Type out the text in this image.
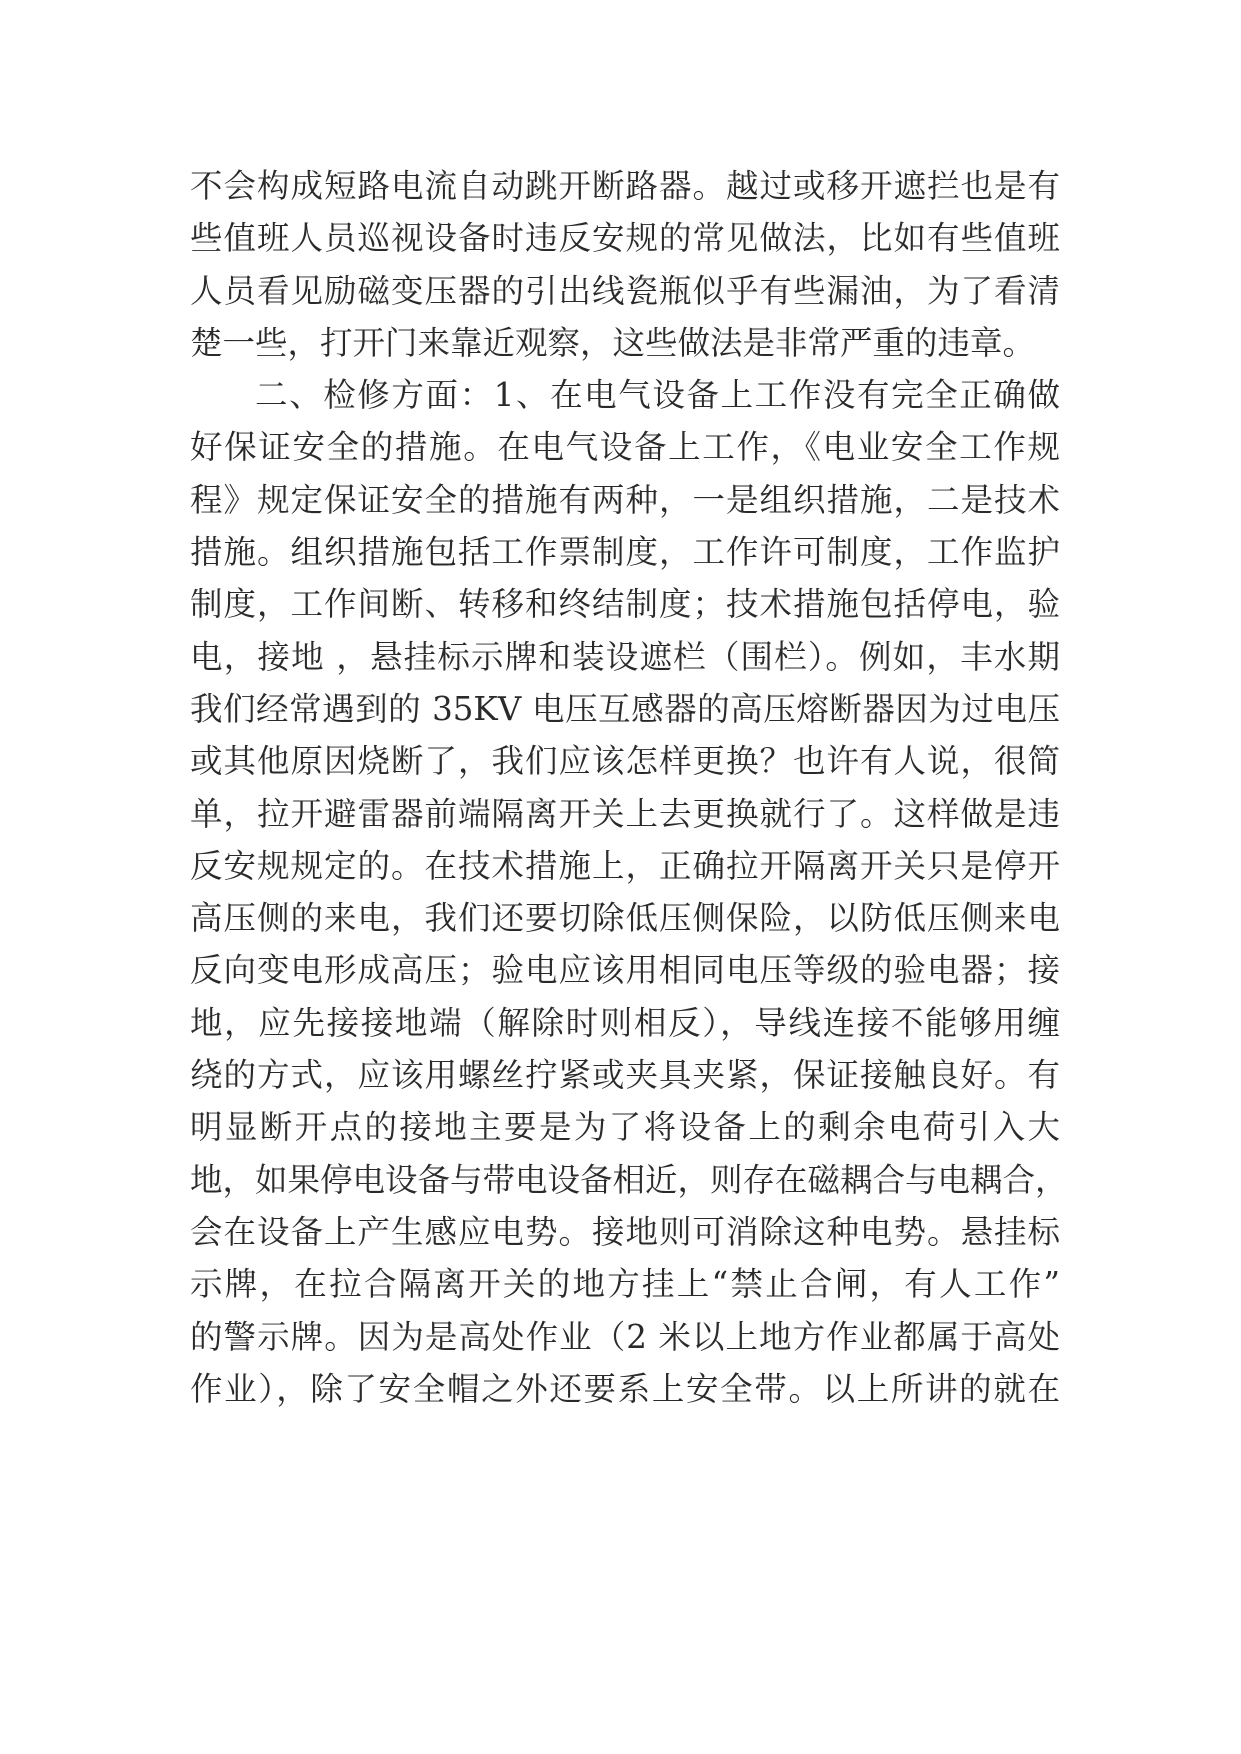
不会构成短路电流自动跳开断路器。越过或移开遮拦也是有
些值班人员巡视设备时违反安规的常见做法，比如有些值班
人员看见励磁变压器的引出线瓷瓶似乎有些漏油，为了看清
楚一些，打开门来靠近观察，这些做法是非常严重的违章。
二、检修方面：1、在电气设备上工作没有完全正确做
好保证安全的措施。在电气设备上工作，《电业安全工作规
程》规定保证安全的措施有两种，一是组织措施，二是技术
措施。组织措施包括工作票制度，工作许可制度，工作监护
制度，工作间断、转移和终结制度；技术措施包括停电，验
电，接地 ，悬挂标示牌和装设遮栏（围栏）。例如，丰水期
我们经常遇到的 35KV 电压互感器的高压熔断器因为过电压
或其他原因烧断了，我们应该怎样更换？也许有人说，很简
单，拉开避雷器前端隔离开关上去更换就行了。这样做是违
反安规规定的。在技术措施上，正确拉开隔离开关只是停开
高压侧的来电，我们还要切除低压侧保险，以防低压侧来电
反向变电形成高压；验电应该用相同电压等级的验电器；接
地，应先接接地端（解除时则相反），导线连接不能够用缠
绕的方式，应该用螺丝拧紧或夹具夹紧，保证接触良好。有
明显断开点的接地主要是为了将设备上的剩余电荷引入大
地，如果停电设备与带电设备相近，则存在磁耦合与电耦合，
会在设备上产生感应电势。接地则可消除这种电势。悬挂标
示牌，在拉合隔离开关的地方挂上“禁止合闸，有人工作”
的警示牌。因为是高处作业（2 米以上地方作业都属于高处
作业），除了安全帽之外还要系上安全带。以上所讲的就在
